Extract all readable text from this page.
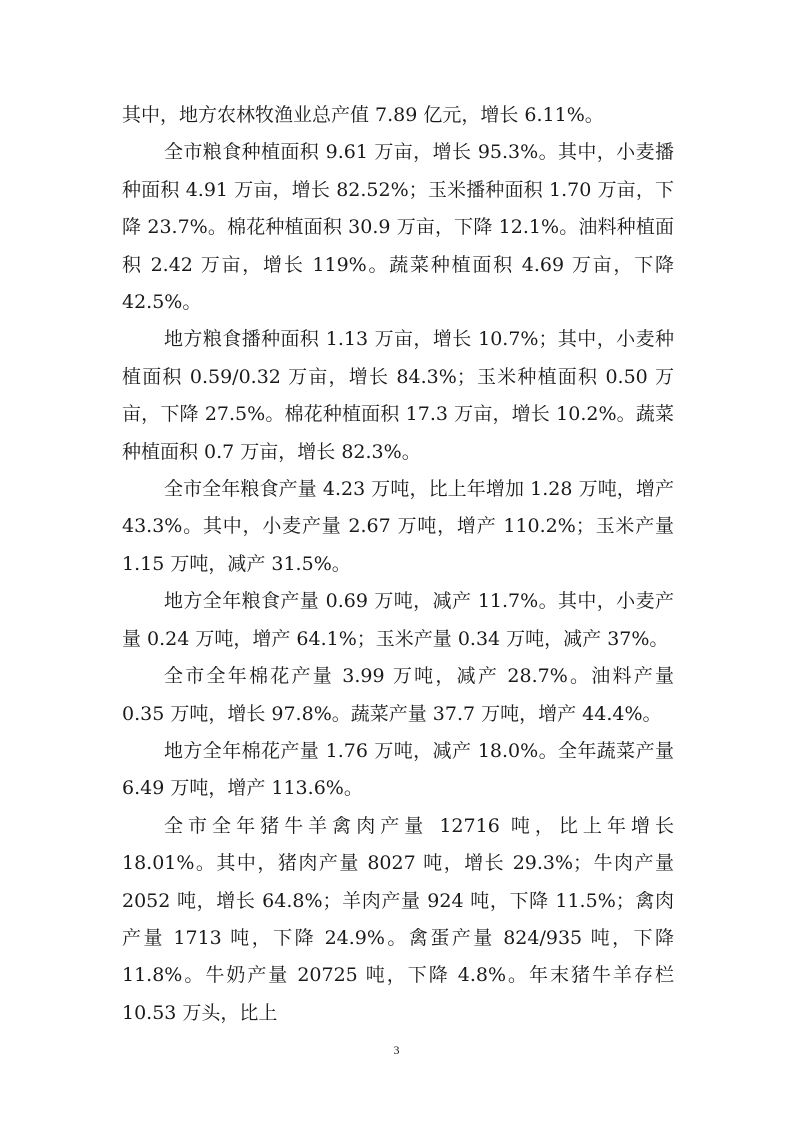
其中，地方农林牧渔业总产值 7.89 亿元，增长 6.11%。

全市粮食种植面积 9.61 万亩，增长 95.3%。其中，小麦播种面积 4.91 万亩，增长 82.52%；玉米播种面积 1.70 万亩，下降 23.7%。棉花种植面积 30.9 万亩，下降 12.1%。油料种植面积 2.42 万亩，增长 119%。蔬菜种植面积 4.69 万亩，下降 42.5%。

地方粮食播种面积 1.13 万亩，增长 10.7%；其中，小麦种植面积 0.59/0.32 万亩，增长 84.3%；玉米种植面积 0.50 万亩，下降 27.5%。棉花种植面积 17.3 万亩，增长 10.2%。蔬菜种植面积 0.7 万亩，增长 82.3%。

全市全年粮食产量 4.23 万吨，比上年增加 1.28 万吨，增产 43.3%。其中，小麦产量 2.67 万吨，增产 110.2%；玉米产量 1.15 万吨，减产 31.5%。

地方全年粮食产量 0.69 万吨，减产 11.7%。其中，小麦产量 0.24 万吨，增产 64.1%；玉米产量 0.34 万吨，减产 37%。

全市全年棉花产量 3.99 万吨，减产 28.7%。油料产量 0.35 万吨，增长 97.8%。蔬菜产量 37.7 万吨，增产 44.4%。

地方全年棉花产量 1.76 万吨，减产 18.0%。全年蔬菜产量 6.49 万吨，增产 113.6%。

全市全年猪牛羊禽肉产量 12716 吨，比上年增长 18.01%。其中，猪肉产量 8027 吨，增长 29.3%；牛肉产量 2052 吨，增长 64.8%；羊肉产量 924 吨，下降 11.5%；禽肉产量 1713 吨，下降 24.9%。禽蛋产量 824/935 吨，下降 11.8%。牛奶产量 20725 吨，下降 4.8%。年末猪牛羊存栏 10.53 万头，比上

3
